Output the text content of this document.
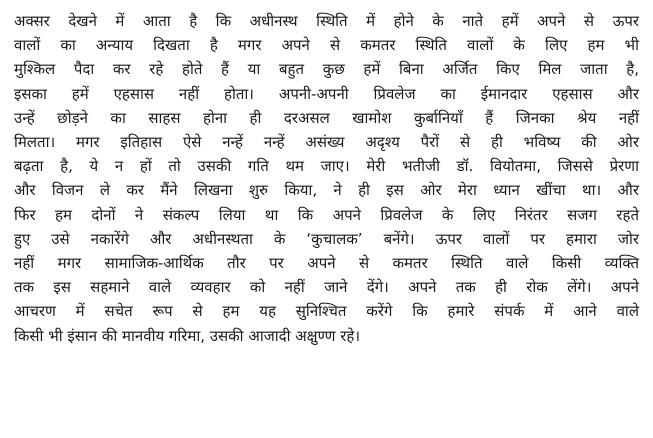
अक्सर देखने में आता है कि अधीनस्थ स्थिति में होने के नाते हमें अपने से ऊपर
वालों का अन्याय दिखता है मगर अपने से कमतर स्थिति वालों के लिए हम भी
मुश्किल पैदा कर रहे होते हैं या बहुत कुछ हमें बिना अर्जित किए मिल जाता है,
इसका हमें एहसास नहीं होता। अपनी-अपनी प्रिवलेज का ईमानदार एहसास और
उन्हें छोड़ने का साहस होना ही दरअसल खामोश कुर्बानियाँ हैं जिनका श्रेय नहीं
मिलता। मगर इतिहास ऐसे नन्हें नन्हें असंख्य अदृश्य पैरों से ही भविष्य की ओर
बढ़ता है, ये न हों तो उसकी गति थम जाए। मेरी भतीजी डॉ. वियोतमा, जिससे प्रेरणा
और विजन ले कर मैंने लिखना शुरु किया, ने ही इस ओर मेरा ध्यान खींचा था। और
फिर हम दोनों ने संकल्प लिया था कि अपने प्रिवलेज के लिए निरंतर सजग रहते
हुए उसे नकारेंगे और अधीनस्थता के ‘कुचालक’ बनेंगे। ऊपर वालों पर हमारा जोर
नहीं मगर सामाजिक-आर्थिक तौर पर अपने से कमतर स्थिति वाले किसी व्यक्ति
तक इस सहमाने वाले व्यवहार को नहीं जाने देंगे। अपने तक ही रोक लेंगे। अपने
आचरण में सचेत रूप से हम यह सुनिश्चित करेंगे कि हमारे संपर्क में आने वाले
किसी भी इंसान की मानवीय गरिमा, उसकी आजादी अक्षुण्ण रहे।
